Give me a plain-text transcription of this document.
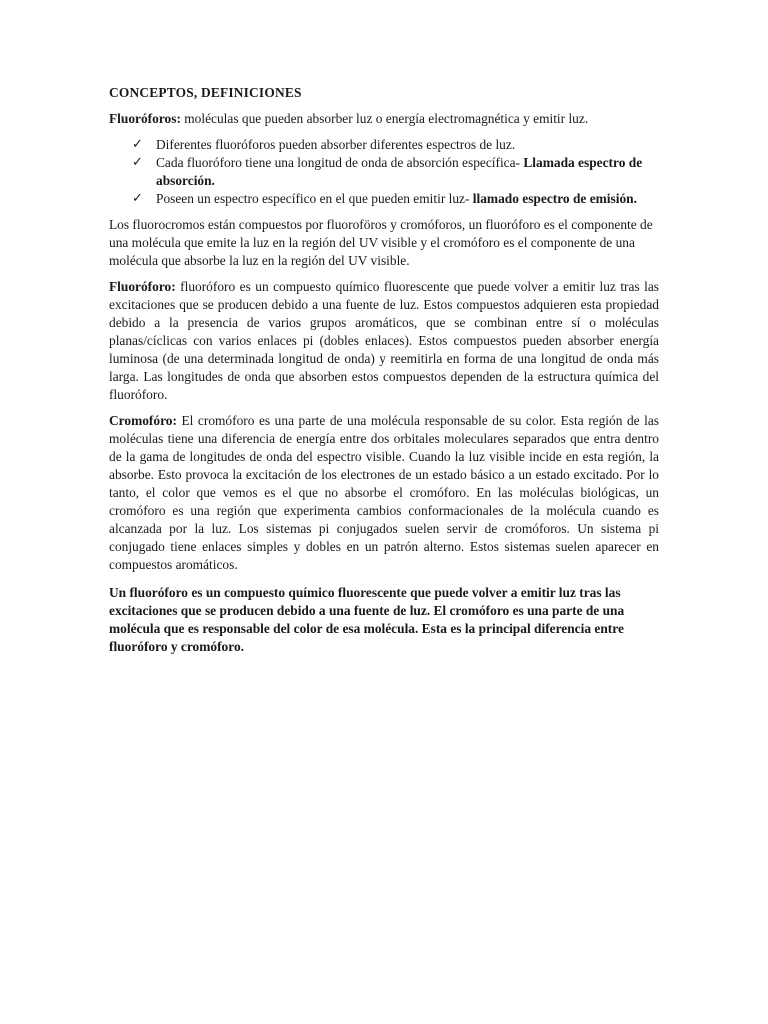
CONCEPTOS, DEFINICIONES

Fluoróforos: moléculas que pueden absorber luz o energía electromagnética y emitir luz.

✓ Diferentes fluoróforos pueden absorber diferentes espectros de luz.
✓ Cada fluoróforo tiene una longitud de onda de absorción específica- Llamada espectro de absorción.
✓ Poseen un espectro específico en el que pueden emitir luz- llamado espectro de emisión.

Los fluorocromos están compuestos por fluoroföros y cromóforos, un fluoróforo es el componente de una molécula que emite la luz en la región del UV visible y el cromóforo es el componente de una molécula que absorbe la luz en la región del UV visible.

Fluoróforo: fluoróforo es un compuesto químico fluorescente que puede volver a emitir luz tras las excitaciones que se producen debido a una fuente de luz. Estos compuestos adquieren esta propiedad debido a la presencia de varios grupos aromáticos, que se combinan entre sí o moléculas planas/cíclicas con varios enlaces pi (dobles enlaces). Estos compuestos pueden absorber energía luminosa (de una determinada longitud de onda) y reemitirla en forma de una longitud de onda más larga. Las longitudes de onda que absorben estos compuestos dependen de la estructura química del fluoróforo.

Cromofóro: El cromóforo es una parte de una molécula responsable de su color. Esta región de las moléculas tiene una diferencia de energía entre dos orbitales moleculares separados que entra dentro de la gama de longitudes de onda del espectro visible. Cuando la luz visible incide en esta región, la absorbe. Esto provoca la excitación de los electrones de un estado básico a un estado excitado. Por lo tanto, el color que vemos es el que no absorbe el cromóforo. En las moléculas biológicas, un cromóforo es una región que experimenta cambios conformacionales de la molécula cuando es alcanzada por la luz. Los sistemas pi conjugados suelen servir de cromóforos. Un sistema pi conjugado tiene enlaces simples y dobles en un patrón alterno. Estos sistemas suelen aparecer en compuestos aromáticos.

Un fluoróforo es un compuesto químico fluorescente que puede volver a emitir luz tras las excitaciones que se producen debido a una fuente de luz. El cromóforo es una parte de una molécula que es responsable del color de esa molécula. Esta es la principal diferencia entre fluoróforo y cromóforo.
